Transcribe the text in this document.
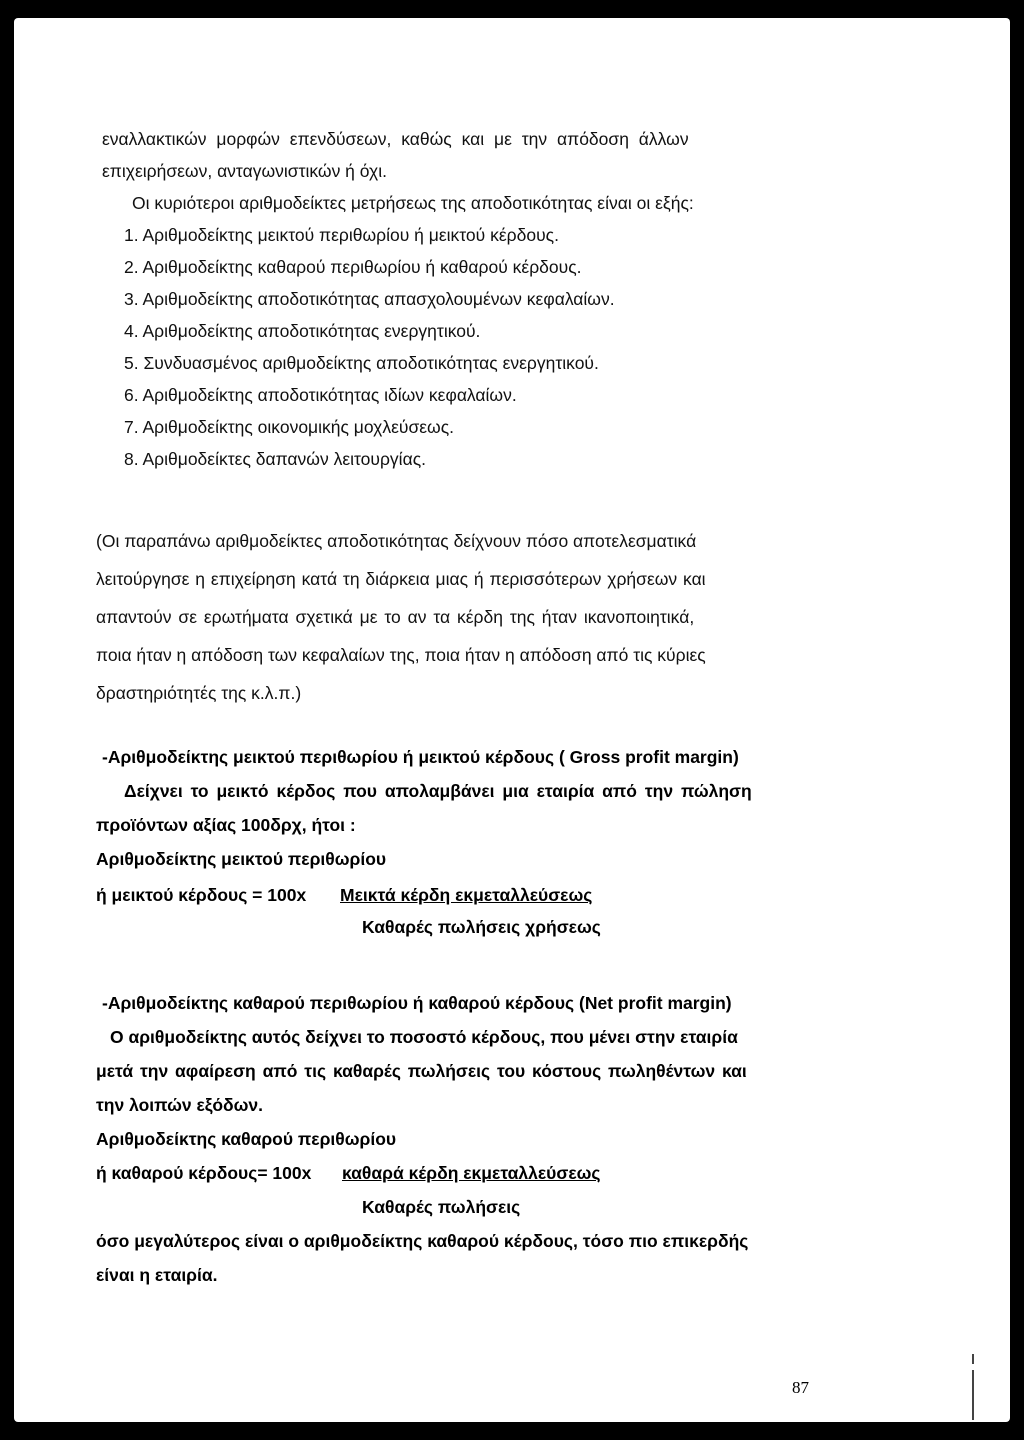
εναλλακτικών μορφών επενδύσεων, καθώς και με την απόδοση άλλων
επιχειρήσεων, ανταγωνιστικών ή όχι.
Οι κυριότεροι αριθμοδείκτες μετρήσεως της αποδοτικότητας είναι οι εξής:
1. Αριθμοδείκτης μεικτού περιθωρίου ή μεικτού κέρδους.
2. Αριθμοδείκτης καθαρού περιθωρίου ή καθαρού κέρδους.
3. Αριθμοδείκτης αποδοτικότητας απασχολουμένων κεφαλαίων.
4. Αριθμοδείκτης αποδοτικότητας ενεργητικού.
5. Συνδυασμένος αριθμοδείκτης αποδοτικότητας ενεργητικού.
6. Αριθμοδείκτης αποδοτικότητας ιδίων κεφαλαίων.
7. Αριθμοδείκτης οικονομικής μοχλεύσεως.
8. Αριθμοδείκτες δαπανών λειτουργίας.
(Οι παραπάνω αριθμοδείκτες αποδοτικότητας δείχνουν πόσο αποτελεσματικά
λειτούργησε η επιχείρηση κατά τη διάρκεια μιας ή περισσότερων χρήσεων και
απαντούν σε ερωτήματα σχετικά με το αν τα κέρδη της ήταν ικανοποιητικά,
ποια ήταν η απόδοση των κεφαλαίων της, ποια ήταν η απόδοση από τις κύριες
δραστηριότητές της κ.λ.π.)
-Αριθμοδείκτης μεικτού περιθωρίου ή μεικτού κέρδους ( Gross profit margin)
Δείχνει το μεικτό κέρδος που απολαμβάνει μια εταιρία από την πώληση
προϊόντων αξίας 100δρχ, ήτοι :
Αριθμοδείκτης μεικτού περιθωρίου
ή μεικτού κέρδους = 100x Μεικτά κέρδη εκμεταλλεύσεως
Καθαρές πωλήσεις χρήσεως
-Αριθμοδείκτης καθαρού περιθωρίου ή καθαρού κέρδους (Net profit margin)
Ο αριθμοδείκτης αυτός δείχνει το ποσοστό κέρδους, που μένει στην εταιρία
μετά την αφαίρεση από τις καθαρές πωλήσεις του κόστους πωληθέντων και
την λοιπών εξόδων.
Αριθμοδείκτης καθαρού περιθωρίου
ή καθαρού κέρδους= 100x καθαρά κέρδη εκμεταλλεύσεως
Καθαρές πωλήσεις
όσο μεγαλύτερος είναι ο αριθμοδείκτης καθαρού κέρδους, τόσο πιο επικερδής
είναι η εταιρία.
87
